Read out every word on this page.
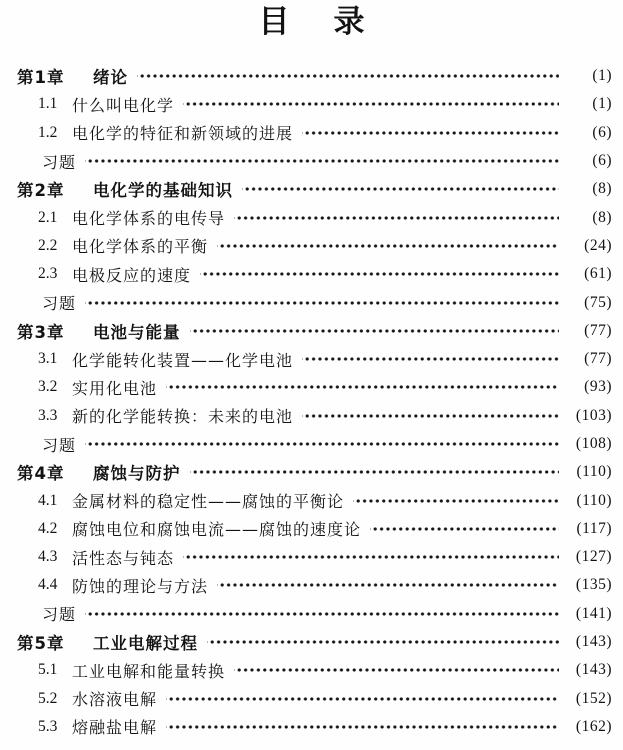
目 录
第1章	绪论	(1)
1.1 什么叫电化学	(1)
1.2 电化学的特征和新领域的进展	(6)
习题	(6)
第2章	电化学的基础知识	(8)
2.1 电化学体系的电传导	(8)
2.2 电化学体系的平衡	(24)
2.3 电极反应的速度	(61)
习题	(75)
第3章	电池与能量	(77)
3.1 化学能转化装置——化学电池	(77)
3.2 实用化电池	(93)
3.3 新的化学能转换：未来的电池	(103)
习题	(108)
第4章	腐蚀与防护	(110)
4.1 金属材料的稳定性——腐蚀的平衡论	(110)
4.2 腐蚀电位和腐蚀电流——腐蚀的速度论	(117)
4.3 活性态与钝态	(127)
4.4 防蚀的理论与方法	(135)
习题	(141)
第5章	工业电解过程	(143)
5.1 工业电解和能量转换	(143)
5.2 水溶液电解	(152)
5.3 熔融盐电解	(162)
